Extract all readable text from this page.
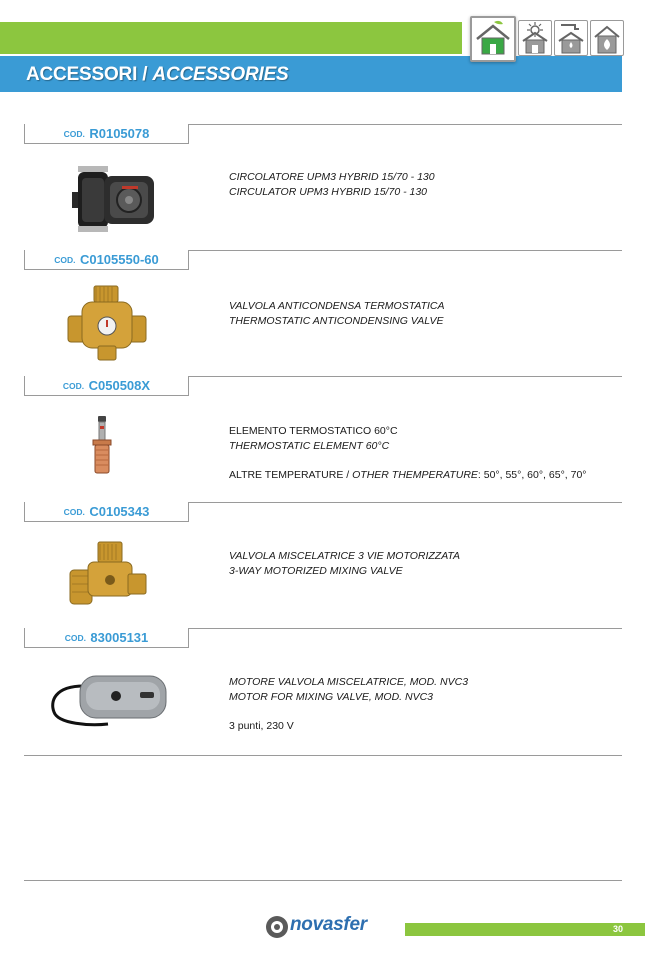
ACCESSORI / ACCESSORIES
COD. R0105078
CIRCOLATORE UPM3 HYBRID 15/70 - 130
CIRCULATOR UPM3 HYBRID 15/70 - 130
COD. C0105550-60
VALVOLA ANTICONDENSA TERMOSTATICA
THERMOSTATIC ANTICONDENSING VALVE
COD. C050508X
ELEMENTO TERMOSTATICO 60°C
THERMOSTATIC ELEMENT 60°C
ALTRE TEMPERATURE / OTHER THEMPERATURE: 50°, 55°, 60°, 65°, 70°
COD. C0105343
VALVOLA MISCELATRICE 3 VIE MOTORIZZATA
3-WAY MOTORIZED MIXING VALVE
COD. 83005131
MOTORE VALVOLA MISCELATRICE, MOD. NVC3
MOTOR FOR MIXING VALVE, MOD. NVC3
3 punti, 230 V
novasfer	30
